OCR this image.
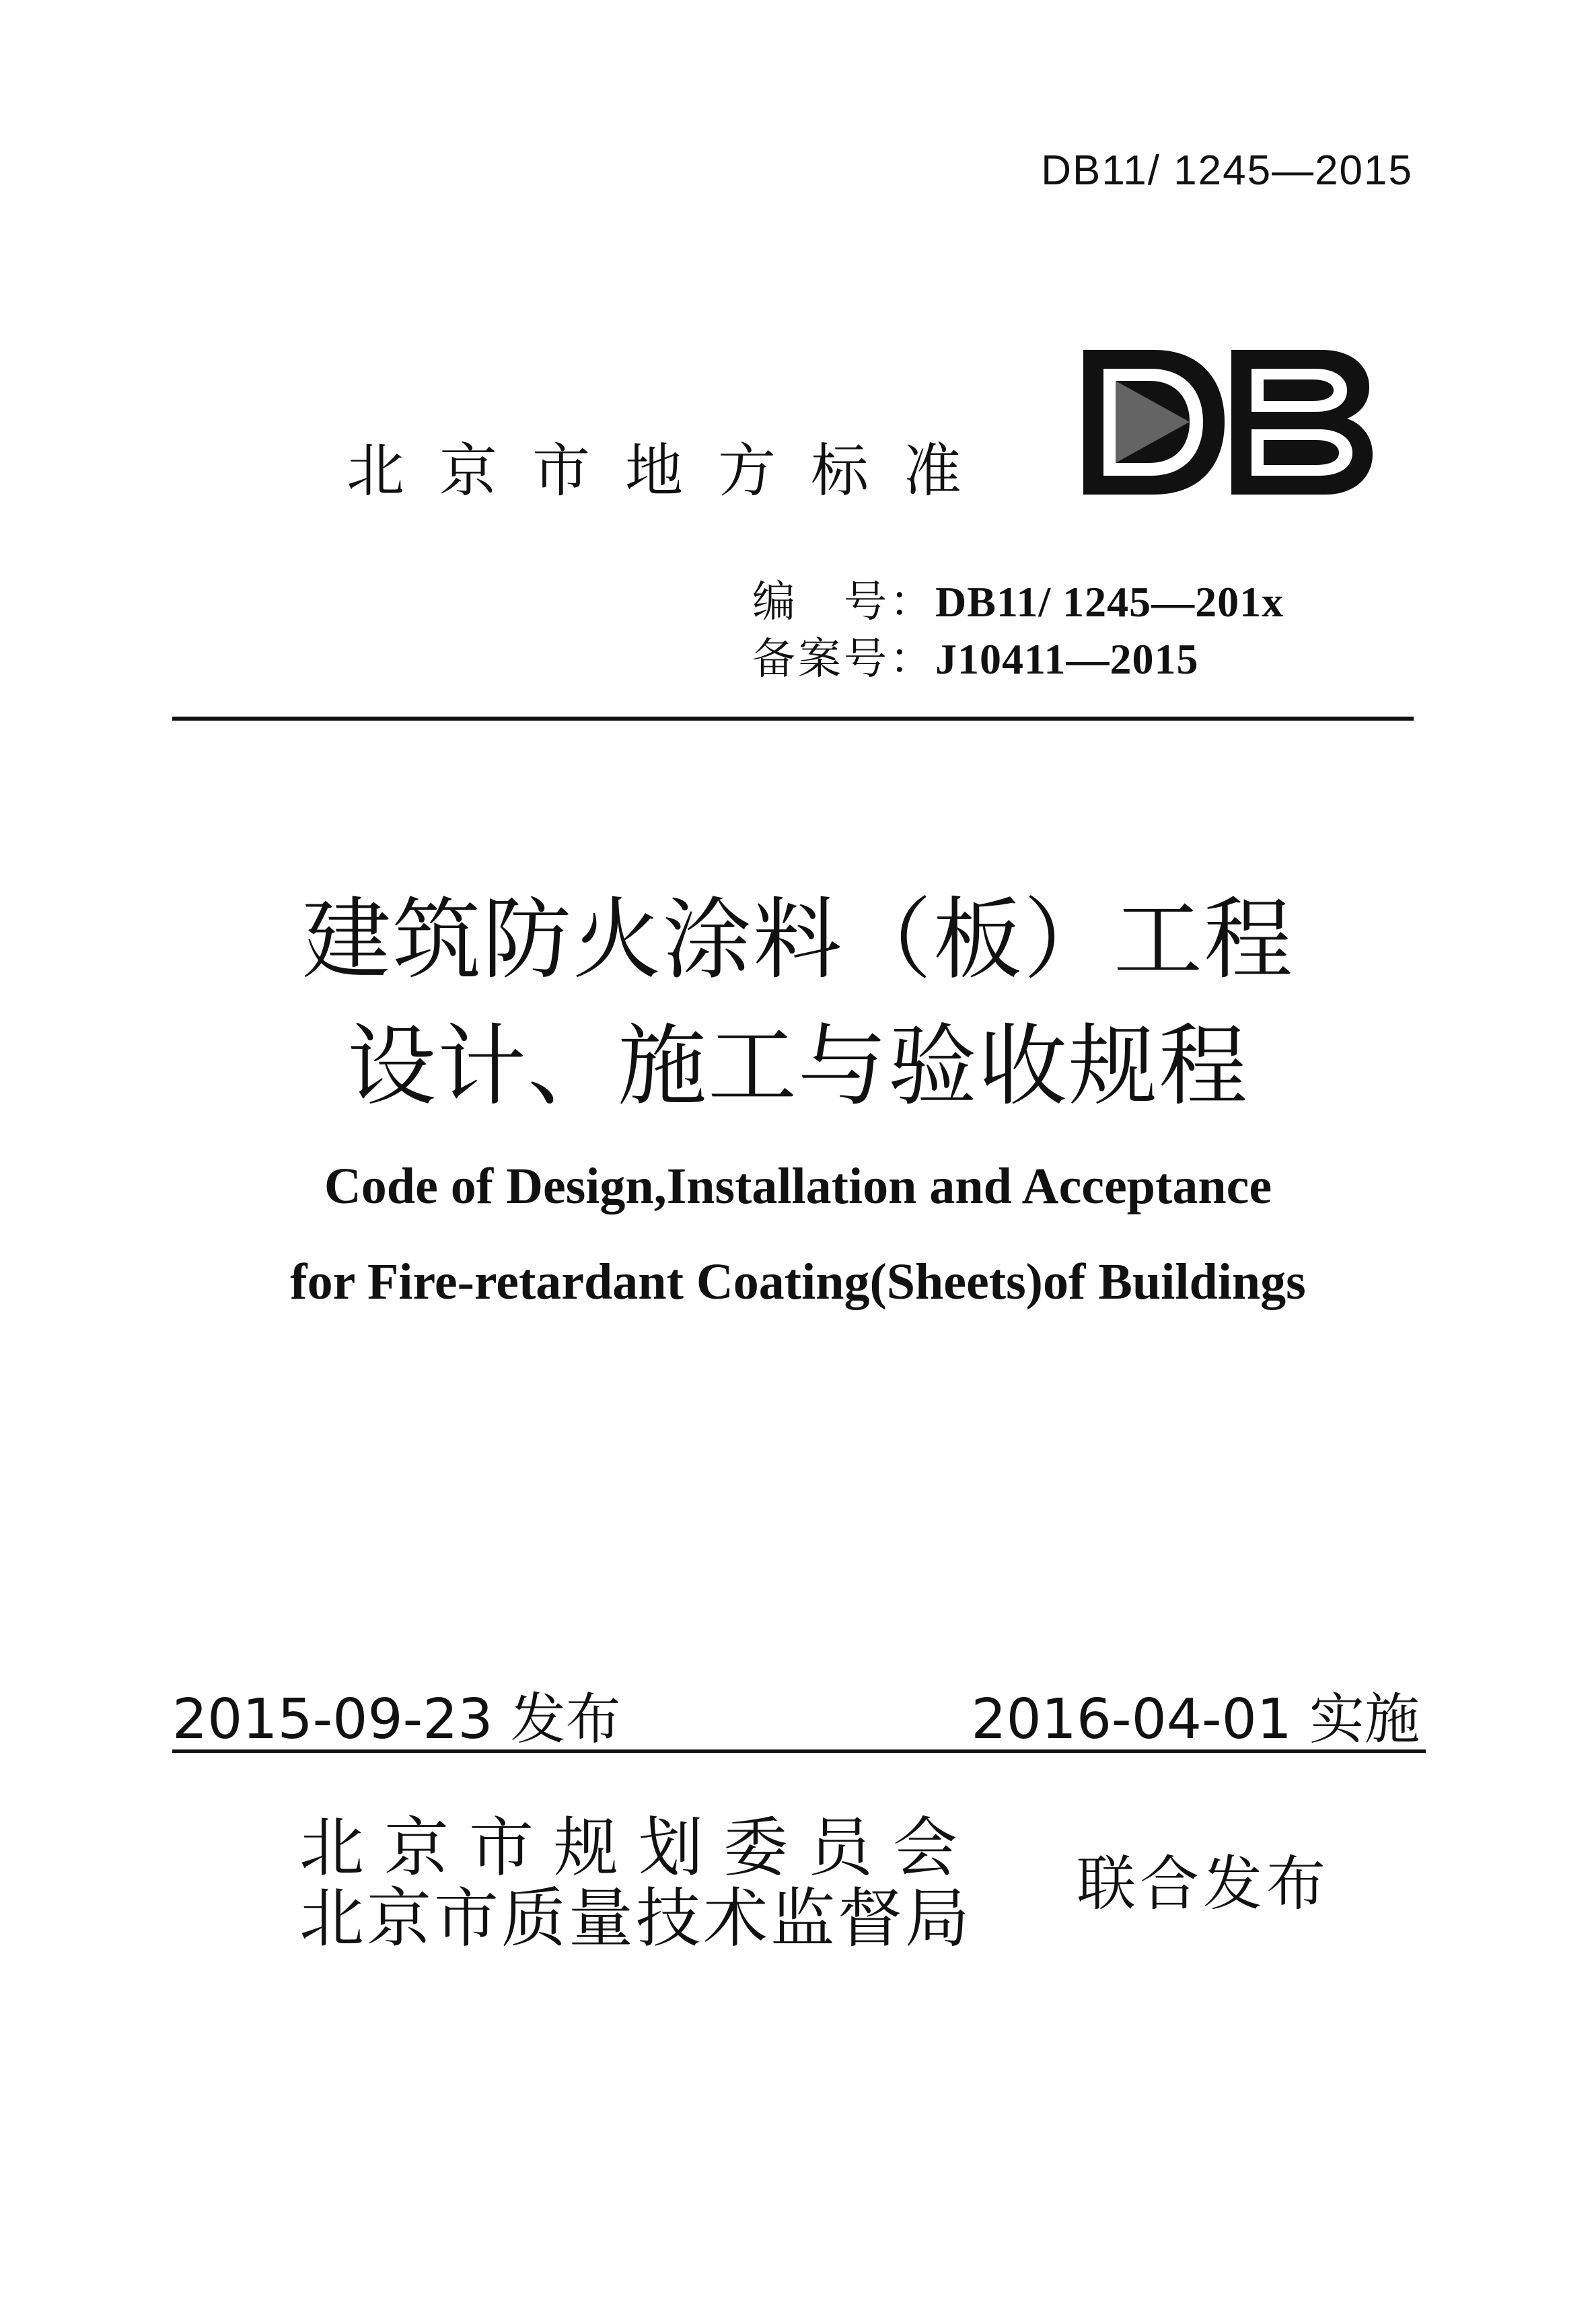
DB11/ 1245—2015
北京市地方标准
编　号：DB11/ 1245—201x
备案号：J10411—2015
建筑防火涂料（板）工程
设计、施工与验收规程
Code of Design,Installation and Acceptance
for Fire-retardant Coating(Sheets)of Buildings
2015-09-23 发布	2016-04-01 实施
北京市规划委员会
北京市质量技术监督局 联合发布
